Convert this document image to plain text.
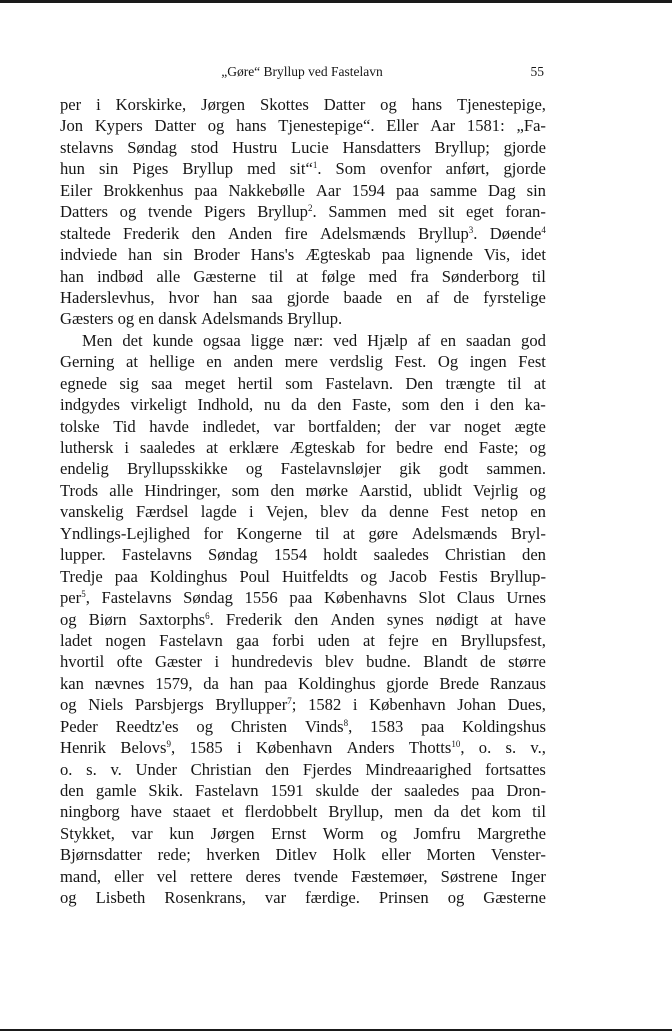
„Gøre“ Bryllup ved Fastelavn	55
per i Korskirke, Jørgen Skottes Datter og hans Tjenestepige,
Jon Kypers Datter og hans Tjenestepige“. Eller Aar 1581: „Fa-
stelavns Søndag stod Hustru Lucie Hansdatters Bryllup; gjorde
hun sin Piges Bryllup med sit“$^1$. Som ovenfor anført, gjorde
Eiler Brokkenhus paa Nakkebølle Aar 1594 paa samme Dag sin
Datters og tvende Pigers Bryllup$^2$. Sammen med sit eget foran-
staltede Frederik den Anden fire Adelsmænds Bryllup$^3$. Døende$^4$
indviede han sin Broder Hans's Ægteskab paa lignende Vis, idet
han indbød alle Gæsterne til at følge med fra Sønderborg til
Haderslevhus, hvor han saa gjorde baade en af de fyrstelige
Gæsters
og
en
dansk
Adelsmands
Bryllup.
Men det kunde ogsaa ligge nær: ved Hjælp af en saadan god
Gerning at hellige en anden mere verdslig Fest. Og ingen Fest
egnede sig saa meget hertil som Fastelavn. Den trængte til at
indgydes virkeligt Indhold, nu da den Faste, som den i den ka-
tolske Tid havde indledet, var bortfalden; der var noget ægte
luthersk i saaledes at erklære Ægteskab for bedre end Faste; og
endelig Bryllupsskikke og Fastelavnsløjer gik godt sammen.
Trods alle Hindringer, som den mørke Aarstid, ublidt Vejrlig og
vanskelig Færdsel lagde i Vejen, blev da denne Fest netop en
Yndlings-Lejlighed for Kongerne til at gøre Adelsmænds Bryl-
lupper. Fastelavns Søndag 1554 holdt saaledes Christian den
Tredje paa Koldinghus Poul Huitfeldts og Jacob Festis Bryllup-
per$^5$, Fastelavns Søndag 1556 paa Københavns Slot Claus Urnes
og Biørn Saxtorphs$^6$. Frederik den Anden synes nødigt at have
ladet nogen Fastelavn gaa forbi uden at fejre en Bryllupsfest,
hvortil ofte Gæster i hundredevis blev budne. Blandt de større
kan nævnes 1579, da han paa Koldinghus gjorde Brede Ranzaus
og Niels Parsbjergs Bryllupper$^7$; 1582 i København Johan Dues,
Peder Reedtz'es og Christen Vinds$^8$, 1583 paa Koldingshus
Henrik Belovs$^9$, 1585 i København Anders Thotts$^{10}$, o. s. v.,
o. s. v. Under Christian den Fjerdes Mindreaarighed fortsattes
den gamle Skik. Fastelavn 1591 skulde der saaledes paa Dron-
ningborg have staaet et flerdobbelt Bryllup, men da det kom til
Stykket, var kun Jørgen Ernst Worm og Jomfru Margrethe
Bjørnsdatter rede; hverken Ditlev Holk eller Morten Venster-
mand, eller vel rettere deres tvende Fæstemøer, Søstrene Inger
og Lisbeth Rosenkrans, var færdige. Prinsen og Gæsterne
